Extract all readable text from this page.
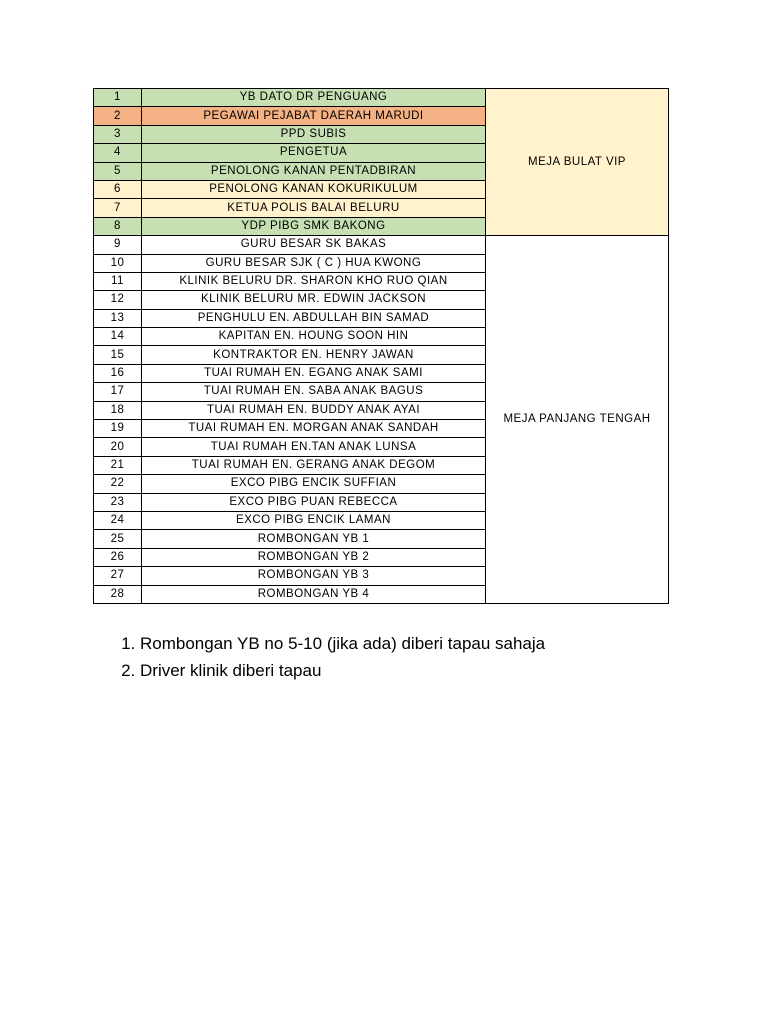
1	YB DATO DR PENGUANG	MEJA BULAT VIP
2	PEGAWAI PEJABAT DAERAH MARUDI	
3	PPD SUBIS	
4	PENGETUA	
5	PENOLONG KANAN PENTADBIRAN	
6	PENOLONG KANAN KOKURIKULUM	
7	KETUA POLIS BALAI BELURU	
8	YDP PIBG SMK BAKONG	
9	GURU BESAR SK BAKAS	MEJA PANJANG TENGAH
10	GURU BESAR SJK ( C ) HUA KWONG	
11	KLINIK BELURU DR. SHARON KHO RUO QIAN	
12	KLINIK BELURU MR. EDWIN JACKSON	
13	PENGHULU EN. ABDULLAH BIN SAMAD	
14	KAPITAN EN. HOUNG SOON HIN	
15	KONTRAKTOR EN. HENRY JAWAN	
16	TUAI RUMAH EN. EGANG ANAK SAMI	
17	TUAI RUMAH EN. SABA ANAK BAGUS	
18	TUAI RUMAH EN. BUDDY ANAK AYAI	
19	TUAI RUMAH EN. MORGAN ANAK SANDAH	
20	TUAI RUMAH EN.TAN ANAK LUNSA	
21	TUAI RUMAH EN. GERANG ANAK DEGOM	
22	EXCO PIBG ENCIK SUFFIAN	
23	EXCO PIBG PUAN REBECCA	
24	EXCO PIBG ENCIK LAMAN	
25	ROMBONGAN YB 1	
26	ROMBONGAN YB 2	
27	ROMBONGAN YB 3	
28	ROMBONGAN YB 4	
1. Rombongan YB no 5-10 (jika ada) diberi tapau sahaja
2. Driver klinik diberi tapau
